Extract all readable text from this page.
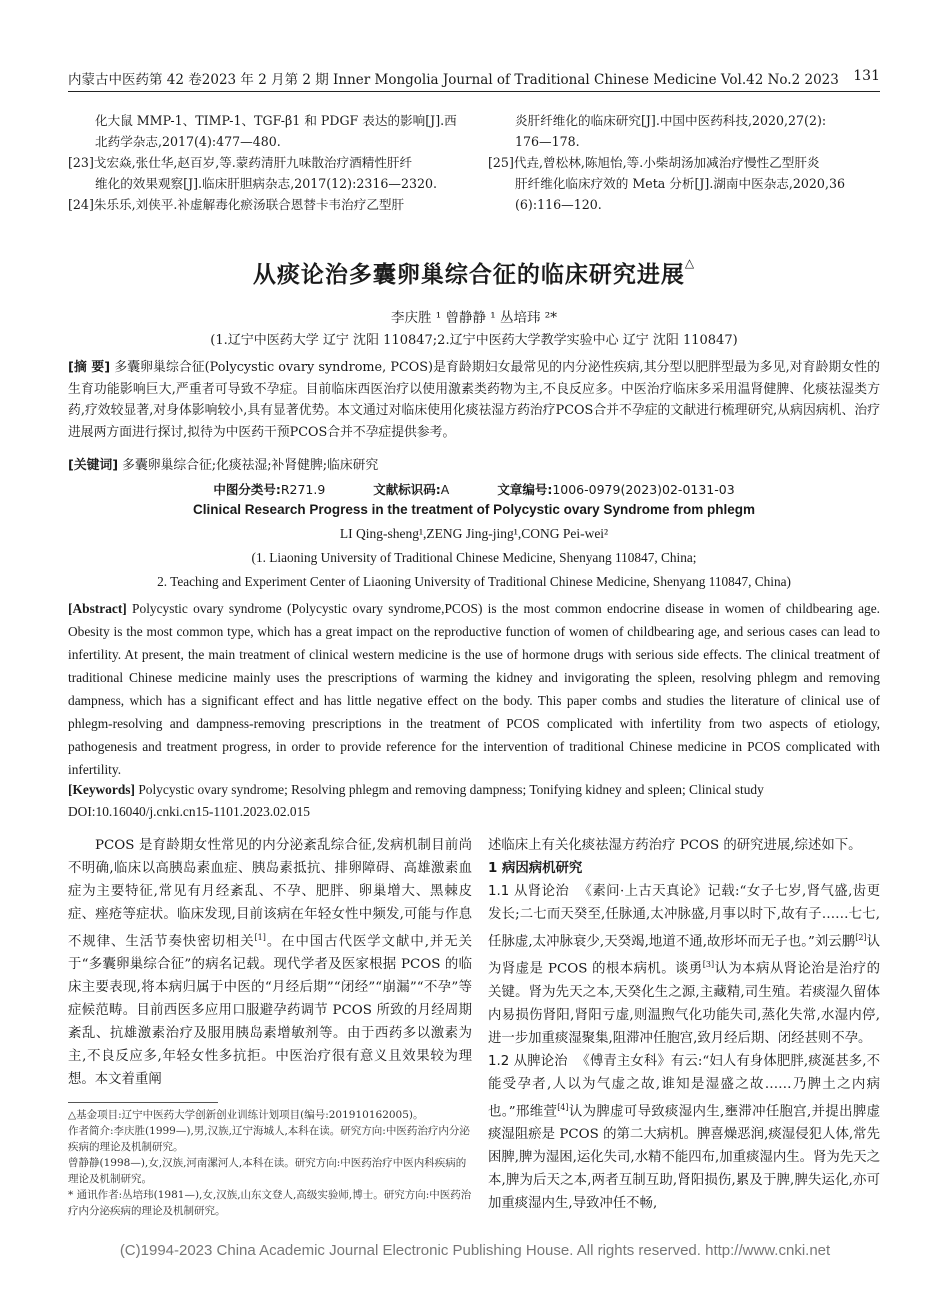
内蒙古中医药第 42 卷2023 年 2 月第 2 期 Inner Mongolia Journal of Traditional Chinese Medicine Vol.42 No.2 2023 131

化大鼠 MMP-1、TIMP-1、TGF-β1 和 PDGF 表达的影响[J].西

北药学杂志,2017(4):477—480.

[23]戈宏焱,张仕华,赵百岁,等.蒙药清肝九味散治疗酒精性肝纤

维化的效果观察[J].临床肝胆病杂志,2017(12):2316—2320.

[24]朱乐乐,刘侠平.补虚解毒化瘀汤联合恩替卡韦治疗乙型肝

炎肝纤维化的临床研究[J].中国中医药科技,2020,27(2):

176—178.

[25]代垚,曾松林,陈旭怡,等.小柴胡汤加减治疗慢性乙型肝炎

肝纤维化临床疗效的 Meta 分析[J].湖南中医杂志,2020,36

(6):116—120.

从痰论治多囊卵巢综合征的临床研究进展△
李庆胜 ¹ 曾静静 ¹ 丛培玮 ²*
(1.辽宁中医药大学 辽宁 沈阳 110847;2.辽宁中医药大学教学实验中心 辽宁 沈阳 110847)
[摘 要] 多囊卵巢综合征(Polycystic ovary syndrome, PCOS)是育龄期妇女最常见的内分泌性疾病,其分型以肥胖型最为多见,对育龄期女性的生育功能影响巨大,严重者可导致不孕症。目前临床西医治疗以使用激素类药物为主,不良反应多。中医治疗临床多采用温肾健脾、化痰祛湿类方药,疗效较显著,对身体影响较小,具有显著优势。本文通过对临床使用化痰祛湿方药治疗PCOS合并不孕症的文献进行梳理研究,从病因病机、治疗进展两方面进行探讨,拟待为中医药干预PCOS合并不孕症提供参考。
[关键词] 多囊卵巢综合征;化痰祛湿;补肾健脾;临床研究
中图分类号:R271.9	文献标识码:A	文章编号:1006-0979(2023)02-0131-03
Clinical Research Progress in the treatment of Polycystic ovary Syndrome from phlegm
LI Qing-sheng¹,ZENG Jing-jing¹,CONG Pei-wei²
(1. Liaoning University of Traditional Chinese Medicine, Shenyang 110847, China;
2. Teaching and Experiment Center of Liaoning University of Traditional Chinese Medicine, Shenyang 110847, China)
[Abstract] Polycystic ovary syndrome (Polycystic ovary syndrome,PCOS) is the most common endocrine disease in women of childbearing age. Obesity is the most common type, which has a great impact on the reproductive function of women of childbearing age, and serious cases can lead to infertility. At present, the main treatment of clinical western medicine is the use of hormone drugs with serious side effects. The clinical treatment of traditional Chinese medicine mainly uses the prescriptions of warming the kidney and invigorating the spleen, resolving phlegm and removing dampness, which has a significant effect and has little negative effect on the body. This paper combs and studies the literature of clinical use of phlegm-resolving and dampness-removing prescriptions in the treatment of PCOS complicated with infertility from two aspects of etiology, pathogenesis and treatment progress, in order to provide reference for the intervention of traditional Chinese medicine in PCOS complicated with infertility.
[Keywords] Polycystic ovary syndrome; Resolving phlegm and removing dampness; Tonifying kidney and spleen; Clinical study
DOI:10.16040/j.cnki.cn15-1101.2023.02.015

PCOS 是育龄期女性常见的内分泌紊乱综合征,发病机制目前尚不明确,临床以高胰岛素血症、胰岛素抵抗、排卵障碍、高雄激素血症为主要特征,常见有月经紊乱、不孕、肥胖、卵巢增大、黑棘皮症、痤疮等症状。临床发现,目前该病在年轻女性中频发,可能与作息不规律、生活节奏快密切相关[1]。在中国古代医学文献中,并无关于“多囊卵巢综合征”的病名记载。现代学者及医家根据 PCOS 的临床主要表现,将本病归属于中医的“月经后期”“闭经”“崩漏”“不孕”等症候范畴。目前西医多应用口服避孕药调节 PCOS 所致的月经周期紊乱、抗雄激素治疗及服用胰岛素增敏剂等。由于西药多以激素为主,不良反应多,年轻女性多抗拒。中医治疗很有意义且效果较为理想。本文着重阐

△基金项目:辽宁中医药大学创新创业训练计划项目(编号:201910162005)。

作者简介:李庆胜(1999—),男,汉族,辽宁海城人,本科在读。研究方向:中医药治疗内分泌疾病的理论及机制研究。

曾静静(1998—),女,汉族,河南漯河人,本科在读。研究方向:中医药治疗中医内科疾病的理论及机制研究。

* 通讯作者:丛培玮(1981—),女,汉族,山东文登人,高级实验师,博士。研究方向:中医药治疗内分泌疾病的理论及机制研究。

述临床上有关化痰祛湿方药治疗 PCOS 的研究进展,综述如下。

1 病因病机研究

1.1 从肾论治 《素问·上古天真论》记载:“女子七岁,肾气盛,齿更发长;二七而天癸至,任脉通,太冲脉盛,月事以时下,故有子……七七,任脉虚,太冲脉衰少,天癸竭,地道不通,故形坏而无子也。”刘云鹏[2]认为肾虚是 PCOS 的根本病机。谈勇[3]认为本病从肾论治是治疗的关键。肾为先天之本,天癸化生之源,主藏精,司生殖。若痰湿久留体内易损伤肾阳,肾阳亏虚,则温煦气化功能失司,蒸化失常,水湿内停,进一步加重痰湿聚集,阻滞冲任胞宫,致月经后期、闭经甚则不孕。

1.2 从脾论治 《傅青主女科》有云:“妇人有身体肥胖,痰涎甚多,不能受孕者,人以为气虚之故,谁知是湿盛之故……乃脾土之内病也。”邢维萱[4]认为脾虚可导致痰湿内生,壅滞冲任胞宫,并提出脾虚痰湿阻瘀是 PCOS 的第二大病机。脾喜燥恶润,痰湿侵犯人体,常先困脾,脾为湿困,运化失司,水精不能四布,加重痰湿内生。肾为先天之本,脾为后天之本,两者互制互助,肾阳损伤,累及于脾,脾失运化,亦可加重痰湿内生,导致冲任不畅,

(C)1994-2023 China Academic Journal Electronic Publishing House. All rights reserved. http://www.cnki.net
